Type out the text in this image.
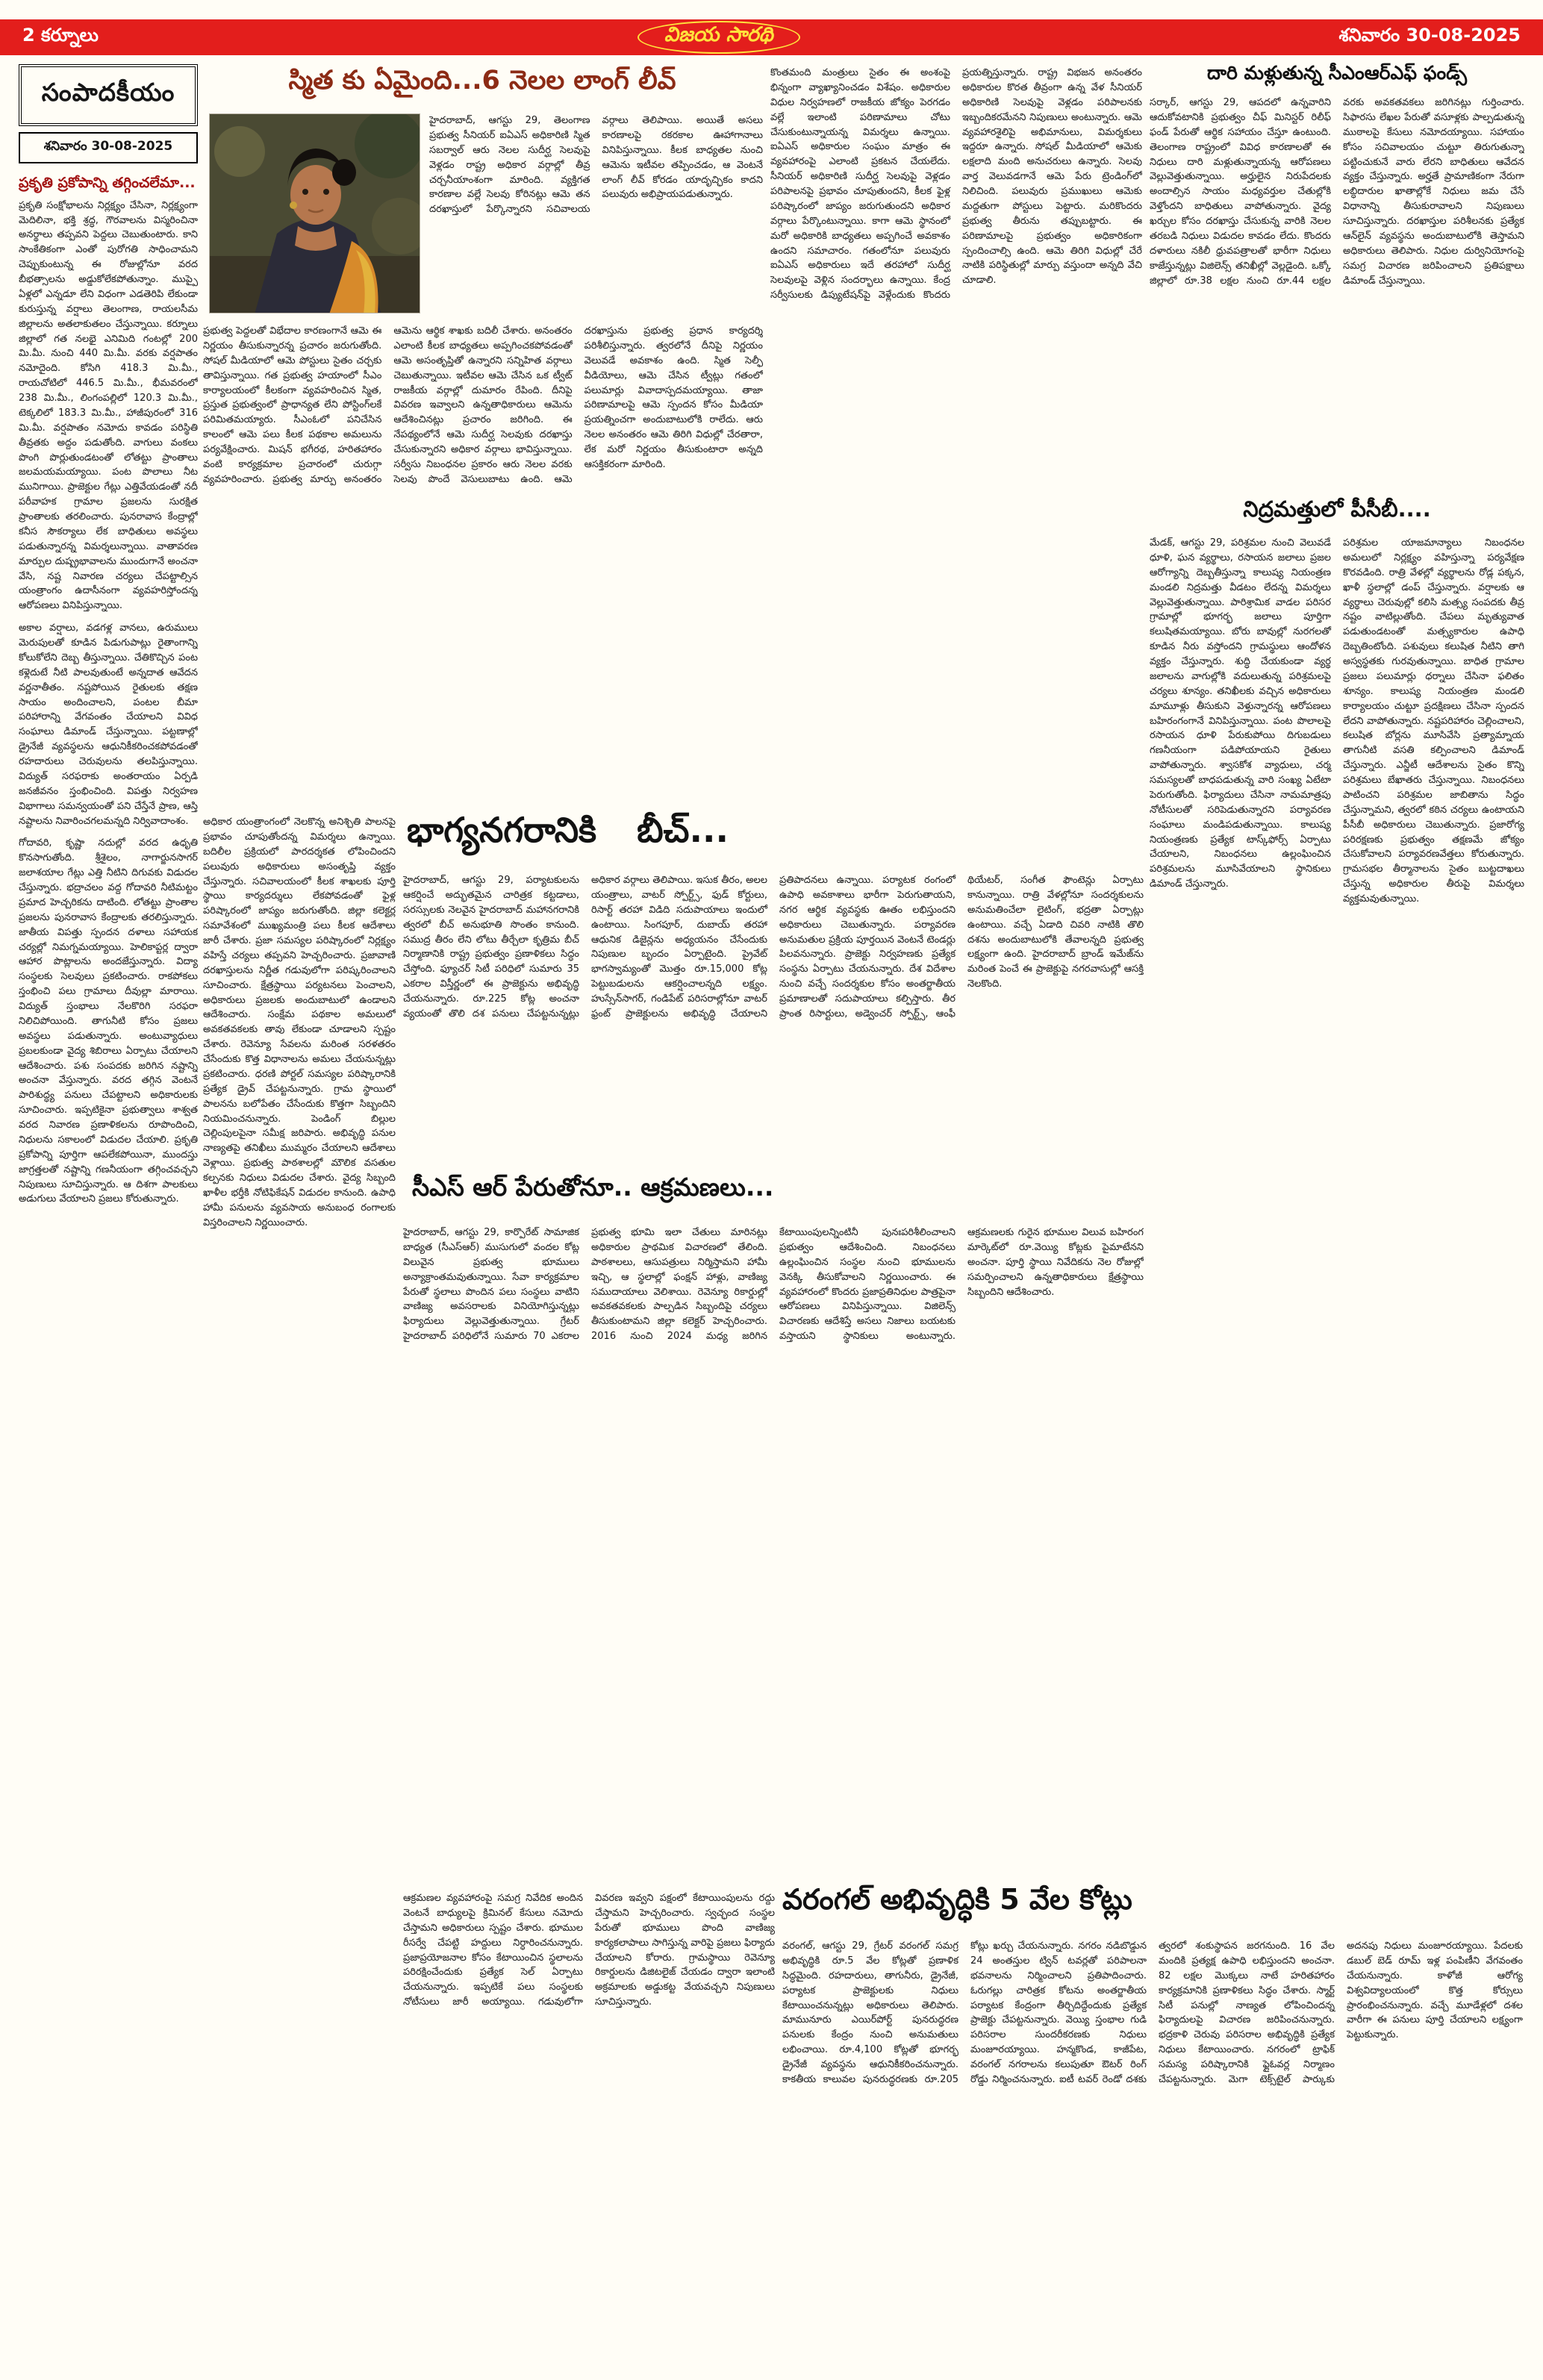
2 కర్నూలు	విజయ సారథి	శనివారం 30-08-2025
సంపాదకీయం
శనివారం 30-08-2025
ప్రకృతి ప్రకోపాన్ని తగ్గించలేమా...

ప్రకృతి సంక్షోభాలను నిర్లక్ష్యం చేసినా, నిర్లక్ష్యంగా మెదిలినా, భక్తి శ్రద్ధ, గౌరవాలను విస్మరించినా అనర్థాలు తప్పవని పెద్దలు చెబుతుంటారు. కాని సాంకేతికంగా ఎంతో పురోగతి సాధించామని చెప్పుకుంటున్న ఈ రోజుల్లోనూ వరద బీభత్సాలను అడ్డుకోలేకపోతున్నాం. ముప్పై ఏళ్లలో ఎన్నడూ లేని విధంగా ఎడతెరిపి లేకుండా కురుస్తున్న వర్షాలు తెలంగాణ, రాయలసీమ జిల్లాలను అతలాకుతలం చేస్తున్నాయి. కర్నూలు జిల్లాలో గత నలభై ఎనిమిది గంటల్లో 200 మి.మీ. నుంచి 440 మి.మీ. వరకు వర్షపాతం నమోదైంది. కోసిగి 418.3 మి.మీ., రాయచోటిలో 446.5 మి.మీ., భీమవరంలో 238 మి.మీ., లింగంపల్లిలో 120.3 మి.మీ., టెక్కలిలో 183.3 మి.మీ., హాజీపురంలో 316 మి.మీ. వర్షపాతం నమోదు కావడం పరిస్థితి తీవ్రతకు అద్దం పడుతోంది. వాగులు వంకలు పొంగి పొర్లుతుండటంతో లోతట్టు ప్రాంతాలు జలమయమయ్యాయి. పంట పొలాలు నీట మునిగాయి. ప్రాజెక్టుల గేట్లు ఎత్తివేయడంతో నదీ పరీవాహక గ్రామాల ప్రజలను సురక్షిత ప్రాంతాలకు తరలించారు. పునరావాస కేంద్రాల్లో కనీస సౌకర్యాలు లేక బాధితులు అవస్థలు పడుతున్నారన్న విమర్శలున్నాయి. వాతావరణ మార్పుల దుష్ప్రభావాలను ముందుగానే అంచనా వేసి, నష్ట నివారణ చర్యలు చేపట్టాల్సిన యంత్రాంగం ఉదాసీనంగా వ్యవహరిస్తోందన్న ఆరోపణలు వినిపిస్తున్నాయి.

అకాల వర్షాలు, వడగళ్ల వానలు, ఉరుములు మెరుపులతో కూడిన పిడుగుపాట్లు రైతాంగాన్ని కోలుకోలేని దెబ్బ తీస్తున్నాయి. చేతికొచ్చిన పంట కళ్లెదుటే నీటి పాలవుతుంటే అన్నదాత ఆవేదన వర్ణనాతీతం. నష్టపోయిన రైతులకు తక్షణ సాయం అందించాలని, పంటల బీమా పరిహారాన్ని వేగవంతం చేయాలని వివిధ సంఘాలు డిమాండ్ చేస్తున్నాయి. పట్టణాల్లో డ్రైనేజీ వ్యవస్థలను ఆధునికీకరించకపోవడంతో రహదారులు చెరువులను తలపిస్తున్నాయి. విద్యుత్ సరఫరాకు అంతరాయం ఏర్పడి జనజీవనం స్తంభించింది. విపత్తు నిర్వహణ విభాగాలు సమన్వయంతో పని చేస్తేనే ప్రాణ, ఆస్తి నష్టాలను నివారించగలమన్నది నిర్వివాదాంశం.

గోదావరి, కృష్ణా నదుల్లో వరద ఉధృతి కొనసాగుతోంది. శ్రీశైలం, నాగార్జునసాగర్ జలాశయాల గేట్లు ఎత్తి నీటిని దిగువకు విడుదల చేస్తున్నారు. భద్రాచలం వద్ద గోదావరి నీటిమట్టం ప్రమాద హెచ్చరికను దాటింది. లోతట్టు ప్రాంతాల ప్రజలను పునరావాస కేంద్రాలకు తరలిస్తున్నారు. జాతీయ విపత్తు స్పందన దళాలు సహాయక చర్యల్లో నిమగ్నమయ్యాయి. హెలికాప్టర్ల ద్వారా ఆహార పొట్లాలను అందజేస్తున్నారు. విద్యా సంస్థలకు సెలవులు ప్రకటించారు. రాకపోకలు స్తంభించి పలు గ్రామాలు దీవుల్లా మారాయి. విద్యుత్ స్తంభాలు నేలకొరిగి సరఫరా నిలిచిపోయింది. తాగునీటి కోసం ప్రజలు అవస్థలు పడుతున్నారు. అంటువ్యాధులు ప్రబలకుండా వైద్య శిబిరాలు ఏర్పాటు చేయాలని ఆదేశించారు. పశు సంపదకు జరిగిన నష్టాన్ని అంచనా వేస్తున్నారు. వరద తగ్గిన వెంటనే పారిశుద్ధ్య పనులు చేపట్టాలని అధికారులకు సూచించారు. ఇప్పటికైనా ప్రభుత్వాలు శాశ్వత వరద నివారణ ప్రణాళికలను రూపొందించి, నిధులను సకాలంలో విడుదల చేయాలి. ప్రకృతి ప్రకోపాన్ని పూర్తిగా ఆపలేకపోయినా, ముందస్తు జాగ్రత్తలతో నష్టాన్ని గణనీయంగా తగ్గించవచ్చని నిపుణులు సూచిస్తున్నారు. ఆ దిశగా పాలకులు అడుగులు వేయాలని ప్రజలు కోరుతున్నారు.

స్మిత కు ఏమైంది...6 నెలల లాంగ్ లీవ్
హైదరాబాద్, ఆగస్టు 29, తెలంగాణ ప్రభుత్వ సీనియర్ ఐఏఎస్ అధికారిణి స్మిత సబర్వాల్ ఆరు నెలల సుదీర్ఘ సెలవుపై వెళ్లడం రాష్ట్ర అధికార వర్గాల్లో తీవ్ర చర్చనీయాంశంగా మారింది. వ్యక్తిగత కారణాల వల్లే సెలవు కోరినట్లు ఆమె తన దరఖాస్తులో పేర్కొన్నారని సచివాలయ వర్గాలు తెలిపాయి. అయితే అసలు కారణాలపై రకరకాల ఊహాగానాలు వినిపిస్తున్నాయి. కీలక బాధ్యతల నుంచి ఆమెను ఇటీవల తప్పించడం, ఆ వెంటనే లాంగ్ లీవ్ కోరడం యాదృచ్ఛికం కాదని పలువురు అభిప్రాయపడుతున్నారు.
ప్రభుత్వ పెద్దలతో విభేదాల కారణంగానే ఆమె ఈ నిర్ణయం తీసుకున్నారన్న ప్రచారం జరుగుతోంది. సోషల్ మీడియాలో ఆమె పోస్టులు సైతం చర్చకు తావిస్తున్నాయి. గత ప్రభుత్వ హయాంలో సీఎం కార్యాలయంలో కీలకంగా వ్యవహరించిన స్మిత, ప్రస్తుత ప్రభుత్వంలో ప్రాధాన్యత లేని పోస్టింగ్‌లకే పరిమితమయ్యారు. సీఎంఓలో పనిచేసిన కాలంలో ఆమె పలు కీలక పథకాల అమలును పర్యవేక్షించారు. మిషన్ భగీరథ, హరితహారం వంటి కార్యక్రమాల ప్రచారంలో చురుగ్గా వ్యవహరించారు. ప్రభుత్వ మార్పు అనంతరం ఆమెను ఆర్థిక శాఖకు బదిలీ చేశారు. అనంతరం ఎలాంటి కీలక బాధ్యతలు అప్పగించకపోవడంతో ఆమె అసంతృప్తితో ఉన్నారని సన్నిహిత వర్గాలు చెబుతున్నాయి. ఇటీవల ఆమె చేసిన ఒక ట్వీట్ రాజకీయ వర్గాల్లో దుమారం రేపింది. దీనిపై వివరణ ఇవ్వాలని ఉన్నతాధికారులు ఆమెను ఆదేశించినట్లు ప్రచారం జరిగింది. ఈ నేపథ్యంలోనే ఆమె సుదీర్ఘ సెలవుకు దరఖాస్తు చేసుకున్నారని అధికార వర్గాలు భావిస్తున్నాయి. సర్వీసు నిబంధనల ప్రకారం ఆరు నెలల వరకు సెలవు పొందే వెసులుబాటు ఉంది. ఆమె దరఖాస్తును ప్రభుత్వ ప్రధాన కార్యదర్శి పరిశీలిస్తున్నారు. త్వరలోనే దీనిపై నిర్ణయం వెలువడే అవకాశం ఉంది. స్మిత సెల్ఫీ వీడియోలు, ఆమె చేసిన ట్వీట్లు గతంలో పలుమార్లు వివాదాస్పదమయ్యాయి. తాజా పరిణామాలపై ఆమె స్పందన కోసం మీడియా ప్రయత్నించగా అందుబాటులోకి రాలేదు. ఆరు నెలల అనంతరం ఆమె తిరిగి విధుల్లో చేరతారా, లేక మరో నిర్ణయం తీసుకుంటారా అన్నది ఆసక్తికరంగా మారింది.
కొంతమంది మంత్రులు సైతం ఈ అంశంపై భిన్నంగా వ్యాఖ్యానించడం విశేషం. అధికారుల విధుల నిర్వహణలో రాజకీయ జోక్యం పెరగడం వల్లే ఇలాంటి పరిణామాలు చోటు చేసుకుంటున్నాయన్న విమర్శలు ఉన్నాయి. ఐఏఎస్ అధికారుల సంఘం మాత్రం ఈ వ్యవహారంపై ఎలాంటి ప్రకటన చేయలేదు. సీనియర్ అధికారిణి సుదీర్ఘ సెలవుపై వెళ్లడం పరిపాలనపై ప్రభావం చూపుతుందని, కీలక ఫైళ్ల పరిష్కారంలో జాప్యం జరుగుతుందని అధికార వర్గాలు పేర్కొంటున్నాయి. కాగా ఆమె స్థానంలో మరో అధికారికి బాధ్యతలు అప్పగించే అవకాశం ఉందని సమాచారం. గతంలోనూ పలువురు ఐఏఎస్ అధికారులు ఇదే తరహాలో సుదీర్ఘ సెలవులపై వెళ్లిన సందర్భాలు ఉన్నాయి. కేంద్ర సర్వీసులకు డిప్యుటేషన్‌పై వెళ్లేందుకు కొందరు ప్రయత్నిస్తున్నారు. రాష్ట్ర విభజన అనంతరం అధికారుల కొరత తీవ్రంగా ఉన్న వేళ సీనియర్ అధికారిణి సెలవుపై వెళ్లడం పరిపాలనకు ఇబ్బందికరమేనని నిపుణులు అంటున్నారు. ఆమె వ్యవహారశైలిపై అభిమానులు, విమర్శకులు ఇద్దరూ ఉన్నారు. సోషల్ మీడియాలో ఆమెకు లక్షలాది మంది అనుచరులు ఉన్నారు. సెలవు వార్త వెలువడగానే ఆమె పేరు ట్రెండింగ్‌లో నిలిచింది. పలువురు ప్రముఖులు ఆమెకు మద్దతుగా పోస్టులు పెట్టారు. మరికొందరు ప్రభుత్వ తీరును తప్పుబట్టారు. ఈ పరిణామాలపై ప్రభుత్వం అధికారికంగా స్పందించాల్సి ఉంది. ఆమె తిరిగి విధుల్లో చేరే నాటికి పరిస్థితుల్లో మార్పు వస్తుందా అన్నది వేచి చూడాలి.
అధికార యంత్రాంగంలో నెలకొన్న అనిశ్చితి పాలనపై ప్రభావం చూపుతోందన్న విమర్శలు ఉన్నాయి. బదిలీల ప్రక్రియలో పారదర్శకత లోపించిందని పలువురు అధికారులు అసంతృప్తి వ్యక్తం చేస్తున్నారు. సచివాలయంలో కీలక శాఖలకు పూర్తి స్థాయి కార్యదర్శులు లేకపోవడంతో ఫైళ్ల పరిష్కారంలో జాప్యం జరుగుతోంది. జిల్లా కలెక్టర్ల సమావేశంలో ముఖ్యమంత్రి పలు కీలక ఆదేశాలు జారీ చేశారు. ప్రజా సమస్యల పరిష్కారంలో నిర్లక్ష్యం వహిస్తే చర్యలు తప్పవని హెచ్చరించారు. ప్రజావాణి దరఖాస్తులను నిర్ణీత గడువులోగా పరిష్కరించాలని సూచించారు. క్షేత్రస్థాయి పర్యటనలు పెంచాలని, అధికారులు ప్రజలకు అందుబాటులో ఉండాలని ఆదేశించారు. సంక్షేమ పథకాల అమలులో అవకతవకలకు తావు లేకుండా చూడాలని స్పష్టం చేశారు. రెవెన్యూ సేవలను మరింత సరళతరం చేసేందుకు కొత్త విధానాలను అమలు చేయనున్నట్లు ప్రకటించారు. ధరణి పోర్టల్ సమస్యల పరిష్కారానికి ప్రత్యేక డ్రైవ్ చేపట్టనున్నారు. గ్రామ స్థాయిలో పాలనను బలోపేతం చేసేందుకు కొత్తగా సిబ్బందిని నియమించనున్నారు. పెండింగ్ బిల్లుల చెల్లింపులపైనా సమీక్ష జరిపారు. అభివృద్ధి పనుల నాణ్యతపై తనిఖీలు ముమ్మరం చేయాలని ఆదేశాలు వెళ్లాయి. ప్రభుత్వ పాఠశాలల్లో మౌలిక వసతుల కల్పనకు నిధులు విడుదల చేశారు. వైద్య సిబ్బంది ఖాళీల భర్తీకి నోటిఫికేషన్ విడుదల కానుంది. ఉపాధి హామీ పనులను వ్యవసాయ అనుబంధ రంగాలకు విస్తరించాలని నిర్ణయించారు.
భాగ్యనగరానికి బీచ్...
హైదరాబాద్, ఆగస్టు 29, పర్యాటకులను ఆకర్షించే అద్భుతమైన చారిత్రక కట్టడాలు, సరస్సులకు నెలవైన హైదరాబాద్ మహానగరానికి త్వరలో బీచ్ అనుభూతి సొంతం కానుంది. సముద్ర తీరం లేని లోటు తీర్చేలా కృత్రిమ బీచ్ నిర్మాణానికి రాష్ట్ర ప్రభుత్వం ప్రణాళికలు సిద్ధం చేస్తోంది. ఫ్యూచర్ సిటీ పరిధిలో సుమారు 35 ఎకరాల విస్తీర్ణంలో ఈ ప్రాజెక్టును అభివృద్ధి చేయనున్నారు. రూ.225 కోట్ల అంచనా వ్యయంతో తొలి దశ పనులు చేపట్టనున్నట్లు అధికార వర్గాలు తెలిపాయి. ఇసుక తీరం, అలల యంత్రాలు, వాటర్ స్పోర్ట్స్, ఫుడ్ కోర్టులు, రిసార్ట్ తరహా విడిది సదుపాయాలు ఇందులో ఉంటాయి. సింగపూర్, దుబాయ్ తరహా ఆధునిక డిజైన్లను అధ్యయనం చేసేందుకు నిపుణుల బృందం ఏర్పాటైంది. ప్రైవేట్ భాగస్వామ్యంతో మొత్తం రూ.15,000 కోట్ల పెట్టుబడులను ఆకర్షించాలన్నది లక్ష్యం. హుస్సేన్‌సాగర్, గండిపేట్ పరిసరాల్లోనూ వాటర్ ఫ్రంట్ ప్రాజెక్టులను అభివృద్ధి చేయాలని ప్రతిపాదనలు ఉన్నాయి. పర్యాటక రంగంలో ఉపాధి అవకాశాలు భారీగా పెరుగుతాయని, నగర ఆర్థిక వ్యవస్థకు ఊతం లభిస్తుందని అధికారులు చెబుతున్నారు. పర్యావరణ అనుమతుల ప్రక్రియ పూర్తయిన వెంటనే టెండర్లు పిలవనున్నారు. ప్రాజెక్టు నిర్వహణకు ప్రత్యేక సంస్థను ఏర్పాటు చేయనున్నారు. దేశ విదేశాల నుంచి వచ్చే సందర్శకుల కోసం అంతర్జాతీయ ప్రమాణాలతో సదుపాయాలు కల్పిస్తారు. తీర ప్రాంత రిసార్టులు, అడ్వెంచర్ స్పోర్ట్స్, ఆంఫీ థియేటర్, సంగీత ఫౌంటెన్లు ఏర్పాటు కానున్నాయి. రాత్రి వేళల్లోనూ సందర్శకులను అనుమతించేలా లైటింగ్, భద్రతా ఏర్పాట్లు ఉంటాయి. వచ్చే ఏడాది చివరి నాటికి తొలి దశను అందుబాటులోకి తేవాలన్నది ప్రభుత్వ లక్ష్యంగా ఉంది. హైదరాబాద్ బ్రాండ్ ఇమేజ్‌ను మరింత పెంచే ఈ ప్రాజెక్టుపై నగరవాసుల్లో ఆసక్తి నెలకొంది.
సీఎస్ ఆర్ పేరుతోనూ.. ఆక్రమణలు...
హైదరాబాద్, ఆగస్టు 29, కార్పొరేట్ సామాజిక బాధ్యత (సీఎస్ఆర్) ముసుగులో వందల కోట్ల విలువైన ప్రభుత్వ భూములు అన్యాక్రాంతమవుతున్నాయి. సేవా కార్యక్రమాల పేరుతో స్థలాలు పొందిన పలు సంస్థలు వాటిని వాణిజ్య అవసరాలకు వినియోగిస్తున్నట్లు ఫిర్యాదులు వెల్లువెత్తుతున్నాయి. గ్రేటర్ హైదరాబాద్ పరిధిలోనే సుమారు 70 ఎకరాల ప్రభుత్వ భూమి ఇలా చేతులు మారినట్లు అధికారుల ప్రాథమిక విచారణలో తేలింది. పాఠశాలలు, ఆసుపత్రులు నిర్మిస్తామని హామీ ఇచ్చి, ఆ స్థలాల్లో ఫంక్షన్ హాళ్లు, వాణిజ్య సముదాయాలు వెలిశాయి. రెవెన్యూ రికార్డుల్లో అవకతవకలకు పాల్పడిన సిబ్బందిపై చర్యలు తీసుకుంటామని జిల్లా కలెక్టర్ హెచ్చరించారు. 2016 నుంచి 2024 మధ్య జరిగిన కేటాయింపులన్నింటినీ పునఃపరిశీలించాలని ప్రభుత్వం ఆదేశించింది. నిబంధనలు ఉల్లంఘించిన సంస్థల నుంచి భూములను వెనక్కి తీసుకోవాలని నిర్ణయించారు. ఈ వ్యవహారంలో కొందరు ప్రజాప్రతినిధుల పాత్రపైనా ఆరోపణలు వినిపిస్తున్నాయి. విజిలెన్స్ విచారణకు ఆదేశిస్తే అసలు నిజాలు బయటకు వస్తాయని స్థానికులు అంటున్నారు. ఆక్రమణలకు గురైన భూముల విలువ బహిరంగ మార్కెట్‌లో రూ.వెయ్యి కోట్లకు పైమాటేనని అంచనా. పూర్తి స్థాయి నివేదికను నెల రోజుల్లో సమర్పించాలని ఉన్నతాధికారులు క్షేత్రస్థాయి సిబ్బందిని ఆదేశించారు.
ఆక్రమణల వ్యవహారంపై సమగ్ర నివేదిక అందిన వెంటనే బాధ్యులపై క్రిమినల్ కేసులు నమోదు చేస్తామని అధికారులు స్పష్టం చేశారు. భూముల రీసర్వే చేపట్టి హద్దులు నిర్ధారించనున్నారు. ప్రజాప్రయోజనాల కోసం కేటాయించిన స్థలాలను పరిరక్షించేందుకు ప్రత్యేక సెల్ ఏర్పాటు చేయనున్నారు. ఇప్పటికే పలు సంస్థలకు నోటీసులు జారీ అయ్యాయి. గడువులోగా వివరణ ఇవ్వని పక్షంలో కేటాయింపులను రద్దు చేస్తామని హెచ్చరించారు. స్వచ్ఛంద సంస్థల పేరుతో భూములు పొంది వాణిజ్య కార్యకలాపాలు సాగిస్తున్న వారిపై ప్రజలు ఫిర్యాదు చేయాలని కోరారు. గ్రామస్థాయి రెవెన్యూ రికార్డులను డిజిటలైజ్ చేయడం ద్వారా ఇలాంటి అక్రమాలకు అడ్డుకట్ట వేయవచ్చని నిపుణులు సూచిస్తున్నారు.
వరంగల్ అభివృద్ధికి 5 వేల కోట్లు
వరంగల్, ఆగస్టు 29, గ్రేటర్ వరంగల్ సమగ్ర అభివృద్ధికి రూ.5 వేల కోట్లతో ప్రణాళిక సిద్ధమైంది. రహదారులు, తాగునీరు, డ్రైనేజీ, పర్యాటక ప్రాజెక్టులకు నిధులు కేటాయించనున్నట్లు అధికారులు తెలిపారు. మామునూరు ఎయిర్‌పోర్ట్ పునరుద్ధరణ పనులకు కేంద్రం నుంచి అనుమతులు లభించాయి. రూ.4,100 కోట్లతో భూగర్భ డ్రైనేజీ వ్యవస్థను ఆధునికీకరించనున్నారు. కాకతీయ కాలువల పునరుద్ధరణకు రూ.205 కోట్లు ఖర్చు చేయనున్నారు. నగరం నడిబొడ్డున 24 అంతస్తుల ట్విన్ టవర్లతో పరిపాలనా భవనాలను నిర్మించాలని ప్రతిపాదించారు. ఓరుగల్లు చారిత్రక కోటను అంతర్జాతీయ పర్యాటక కేంద్రంగా తీర్చిదిద్దేందుకు ప్రత్యేక ప్రాజెక్టు చేపట్టనున్నారు. వెయ్యి స్తంభాల గుడి పరిసరాల సుందరీకరణకు నిధులు మంజూరయ్యాయి. హన్మకొండ, కాజీపేట, వరంగల్ నగరాలను కలుపుతూ ఔటర్ రింగ్ రోడ్డు నిర్మించనున్నారు. ఐటీ టవర్ రెండో దశకు త్వరలో శంకుస్థాపన జరగనుంది. 16 వేల మందికి ప్రత్యక్ష ఉపాధి లభిస్తుందని అంచనా. 82 లక్షల మొక్కలు నాటే హరితహారం కార్యక్రమానికి ప్రణాళికలు సిద్ధం చేశారు. స్మార్ట్ సిటీ పనుల్లో నాణ్యత లోపించిందన్న ఫిర్యాదులపై విచారణ జరిపించనున్నారు. భద్రకాళి చెరువు పరిసరాల అభివృద్ధికి ప్రత్యేక నిధులు కేటాయించారు. నగరంలో ట్రాఫిక్ సమస్య పరిష్కారానికి ఫ్లైఓవర్ల నిర్మాణం చేపట్టనున్నారు. మెగా టెక్స్‌టైల్ పార్కుకు అదనపు నిధులు మంజూరయ్యాయి. పేదలకు డబుల్ బెడ్ రూమ్ ఇళ్ల పంపిణీని వేగవంతం చేయనున్నారు. కాళోజీ ఆరోగ్య విశ్వవిద్యాలయంలో కొత్త కోర్సులు ప్రారంభించనున్నారు. వచ్చే మూడేళ్లలో దశల వారీగా ఈ పనులు పూర్తి చేయాలని లక్ష్యంగా పెట్టుకున్నారు.
దారి మళ్లుతున్న సీఎంఆర్ఎఫ్ ఫండ్స్
సర్కార్, ఆగస్టు 29, ఆపదలో ఉన్నవారిని ఆదుకోవటానికి ప్రభుత్వం చీఫ్ మినిస్టర్ రిలీఫ్ ఫండ్ పేరుతో ఆర్థిక సహాయం చేస్తూ ఉంటుంది. తెలంగాణ రాష్ట్రంలో వివిధ కారణాలతో ఈ నిధులు దారి మళ్లుతున్నాయన్న ఆరోపణలు వెల్లువెత్తుతున్నాయి. అర్హులైన నిరుపేదలకు అందాల్సిన సాయం మధ్యవర్తుల చేతుల్లోకి వెళ్తోందని బాధితులు వాపోతున్నారు. వైద్య ఖర్చుల కోసం దరఖాస్తు చేసుకున్న వారికి నెలల తరబడి నిధులు విడుదల కావడం లేదు. కొందరు దళారులు నకిలీ ధ్రువపత్రాలతో భారీగా నిధులు కాజేస్తున్నట్లు విజిలెన్స్ తనిఖీల్లో వెల్లడైంది. ఒక్కో జిల్లాలో రూ.38 లక్షల నుంచి రూ.44 లక్షల వరకు అవకతవకలు జరిగినట్లు గుర్తించారు. సిఫారసు లేఖల పేరుతో వసూళ్లకు పాల్పడుతున్న ముఠాలపై కేసులు నమోదయ్యాయి. సహాయం కోసం సచివాలయం చుట్టూ తిరుగుతున్నా పట్టించుకునే వారు లేరని బాధితులు ఆవేదన వ్యక్తం చేస్తున్నారు. అర్హతే ప్రామాణికంగా నేరుగా లబ్ధిదారుల ఖాతాల్లోకే నిధులు జమ చేసే విధానాన్ని తీసుకురావాలని నిపుణులు సూచిస్తున్నారు. దరఖాస్తుల పరిశీలనకు ప్రత్యేక ఆన్‌లైన్ వ్యవస్థను అందుబాటులోకి తెస్తామని అధికారులు తెలిపారు. నిధుల దుర్వినియోగంపై సమగ్ర విచారణ జరిపించాలని ప్రతిపక్షాలు డిమాండ్ చేస్తున్నాయి.
నిద్రమత్తులో పీసీబీ....

మేడక్, ఆగస్టు 29, పరిశ్రమల నుంచి వెలువడే ధూళి, ఘన వ్యర్థాలు, రసాయన జలాలు ప్రజల ఆరోగ్యాన్ని దెబ్బతీస్తున్నా కాలుష్య నియంత్రణ మండలి నిద్రమత్తు వీడటం లేదన్న విమర్శలు వెల్లువెత్తుతున్నాయి. పారిశ్రామిక వాడల పరిసర గ్రామాల్లో భూగర్భ జలాలు పూర్తిగా కలుషితమయ్యాయి. బోరు బావుల్లో నురగలతో కూడిన నీరు వస్తోందని గ్రామస్థులు ఆందోళన వ్యక్తం చేస్తున్నారు. శుద్ధి చేయకుండా వ్యర్థ జలాలను వాగుల్లోకి వదులుతున్న పరిశ్రమలపై చర్యలు శూన్యం. తనిఖీలకు వచ్చిన అధికారులు మామూళ్లు తీసుకుని వెళ్తున్నారన్న ఆరోపణలు బహిరంగంగానే వినిపిస్తున్నాయి. పంట పొలాలపై రసాయన ధూళి పేరుకుపోయి దిగుబడులు గణనీయంగా పడిపోయాయని రైతులు వాపోతున్నారు. శ్వాసకోశ వ్యాధులు, చర్మ సమస్యలతో బాధపడుతున్న వారి సంఖ్య ఏటేటా పెరుగుతోంది. ఫిర్యాదులు చేసినా నామమాత్రపు నోటీసులతో సరిపెడుతున్నారని పర్యావరణ సంఘాలు మండిపడుతున్నాయి. కాలుష్య నియంత్రణకు ప్రత్యేక టాస్క్‌ఫోర్స్ ఏర్పాటు చేయాలని, నిబంధనలు ఉల్లంఘించిన పరిశ్రమలను మూసివేయాలని స్థానికులు డిమాండ్ చేస్తున్నారు.

పరిశ్రమల యాజమాన్యాలు నిబంధనల అమలులో నిర్లక్ష్యం వహిస్తున్నా పర్యవేక్షణ కొరవడింది. రాత్రి వేళల్లో వ్యర్థాలను రోడ్ల పక్కన, ఖాళీ స్థలాల్లో డంప్ చేస్తున్నారు. వర్షాలకు ఆ వ్యర్థాలు చెరువుల్లో కలిసి మత్స్య సంపదకు తీవ్ర నష్టం వాటిల్లుతోంది. చేపలు మృత్యువాత పడుతుండటంతో మత్స్యకారుల ఉపాధి దెబ్బతింటోంది. పశువులు కలుషిత నీటిని తాగి అస్వస్థతకు గురవుతున్నాయి. బాధిత గ్రామాల ప్రజలు పలుమార్లు ధర్నాలు చేసినా ఫలితం శూన్యం. కాలుష్య నియంత్రణ మండలి కార్యాలయం చుట్టూ ప్రదక్షిణలు చేసినా స్పందన లేదని వాపోతున్నారు. నష్టపరిహారం చెల్లించాలని, కలుషిత బోర్లను మూసివేసి ప్రత్యామ్నాయ తాగునీటి వసతి కల్పించాలని డిమాండ్ చేస్తున్నారు. ఎన్జీటీ ఆదేశాలను సైతం కొన్ని పరిశ్రమలు బేఖాతరు చేస్తున్నాయి. నిబంధనలు పాటించని పరిశ్రమల జాబితాను సిద్ధం చేస్తున్నామని, త్వరలో కఠిన చర్యలు ఉంటాయని పీసీబీ అధికారులు చెబుతున్నారు. ప్రజారోగ్య పరిరక్షణకు ప్రభుత్వం తక్షణమే జోక్యం చేసుకోవాలని పర్యావరణవేత్తలు కోరుతున్నారు. గ్రామసభల తీర్మానాలను సైతం బుట్టదాఖలు చేస్తున్న అధికారుల తీరుపై విమర్శలు వ్యక్తమవుతున్నాయి.
